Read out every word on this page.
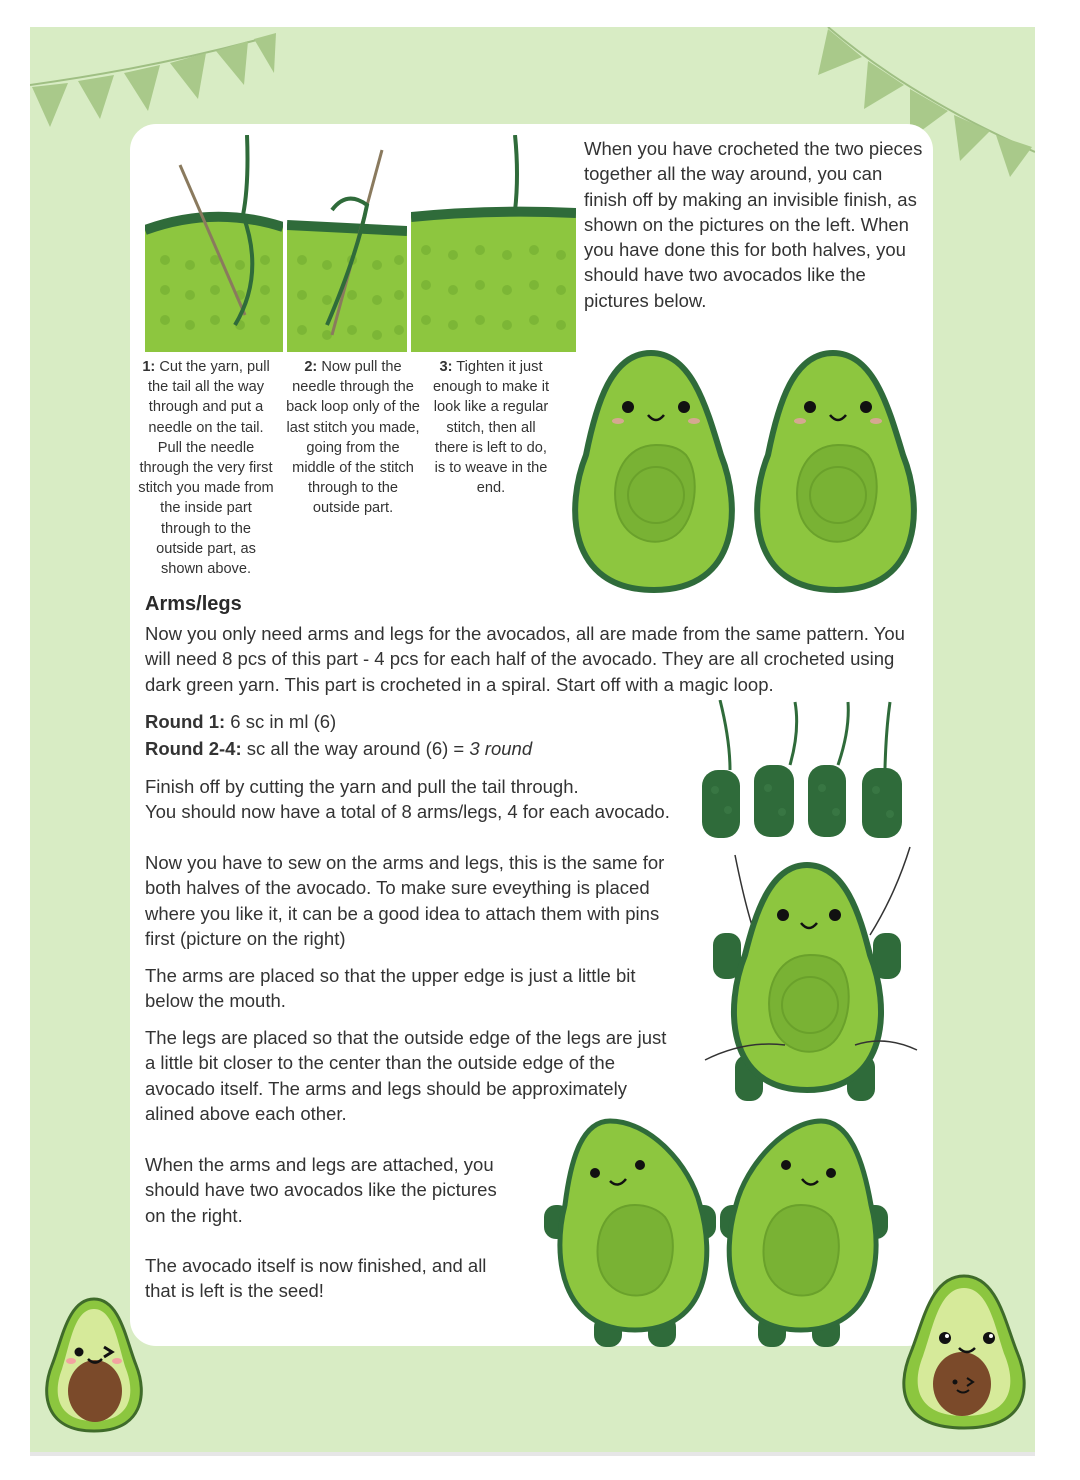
When you have crocheted the two pieces together all the way around, you can finish off by making an invisible finish, as shown on the pictures on the left. When you have done this for both halves, you should have two avocados like the pictures below.

1: Cut the yarn, pull the tail all the way through and put a needle on the tail. Pull the needle through the very first stitch you made from the inside part through to the outside part, as shown above.

2: Now pull the needle through the back loop only of the last stitch you made, going from the middle of the stitch through to the outside part.

3: Tighten it just enough to make it look like a regular stitch, then all there is left to do, is to weave in the end.

Arms/legs

Now you only need arms and legs for the avocados, all are made from the same pattern. You will need 8 pcs of this part - 4 pcs for each half of the avocado. They are all crocheted using dark green yarn. This part is crocheted in a spiral. Start off with a magic loop.

Round 1: 6 sc in ml (6)

Round 2-4: sc all the way around (6) = 3 round

Finish off by cutting the yarn and pull the tail through.

You should now have a total of 8 arms/legs, 4 for each avocado.

Now you have to sew on the arms and legs, this is the same for both halves of the avocado. To make sure eveything is placed where you like it, it can be a good idea to attach them with pins first (picture on the right)

The arms are placed so that the upper edge is just a little bit below the mouth.

The legs are placed so that the outside edge of the legs are just a little bit closer to the center than the outside edge of the avocado itself. The arms and legs should be approximately alined above each other.

When the arms and legs are attached, you should have two avocados like the pictures on the right.

The avocado itself is now finished, and all that is left is the seed!
